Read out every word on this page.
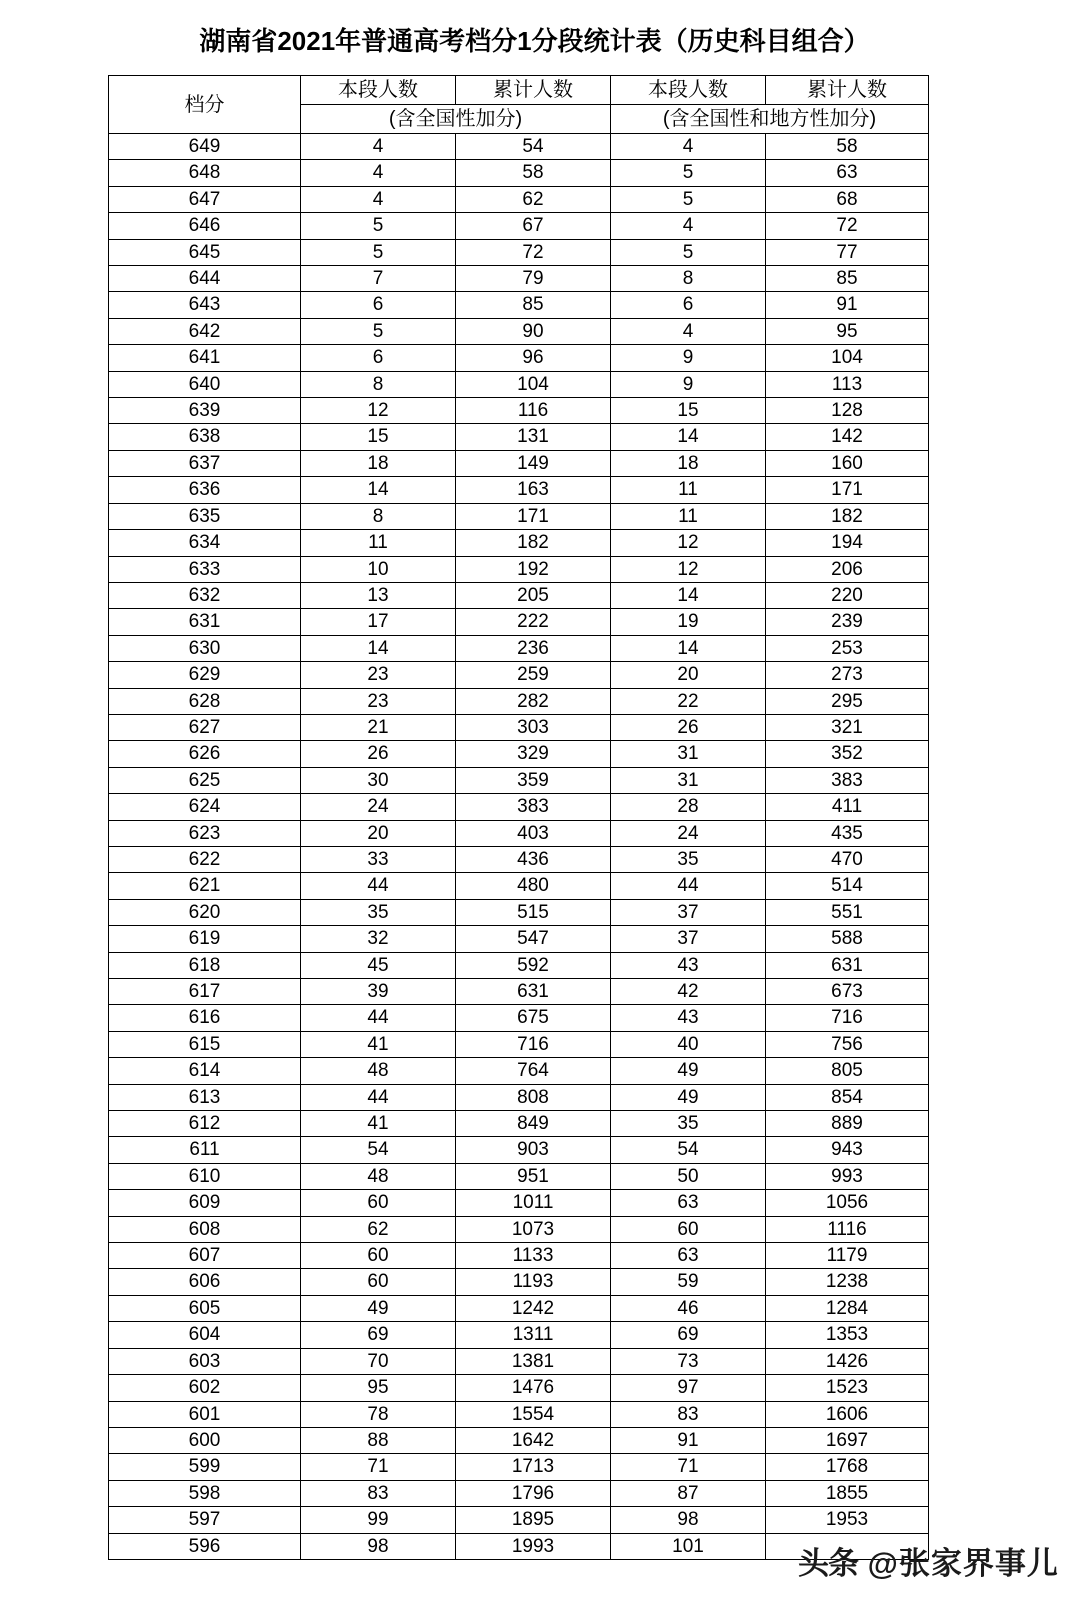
湖南省2021年普通高考档分1分段统计表（历史科目组合）
档分	本段人数	累计人数	本段人数	累计人数
	(含全国性加分)		(含全国性和地方性加分)	
649	4	54	4	58
648	4	58	5	63
647	4	62	5	68
646	5	67	4	72
645	5	72	5	77
644	7	79	8	85
643	6	85	6	91
642	5	90	4	95
641	6	96	9	104
640	8	104	9	113
639	12	116	15	128
638	15	131	14	142
637	18	149	18	160
636	14	163	11	171
635	8	171	11	182
634	11	182	12	194
633	10	192	12	206
632	13	205	14	220
631	17	222	19	239
630	14	236	14	253
629	23	259	20	273
628	23	282	22	295
627	21	303	26	321
626	26	329	31	352
625	30	359	31	383
624	24	383	28	411
623	20	403	24	435
622	33	436	35	470
621	44	480	44	514
620	35	515	37	551
619	32	547	37	588
618	45	592	43	631
617	39	631	42	673
616	44	675	43	716
615	41	716	40	756
614	48	764	49	805
613	44	808	49	854
612	41	849	35	889
611	54	903	54	943
610	48	951	50	993
609	60	1011	63	1056
608	62	1073	60	1116
607	60	1133	63	1179
606	60	1193	59	1238
605	49	1242	46	1284
604	69	1311	69	1353
603	70	1381	73	1426
602	95	1476	97	1523
601	78	1554	83	1606
600	88	1642	91	1697
599	71	1713	71	1768
598	83	1796	87	1855
597	99	1895	98	1953
596	98	1993	101		头条 @张家界事儿
